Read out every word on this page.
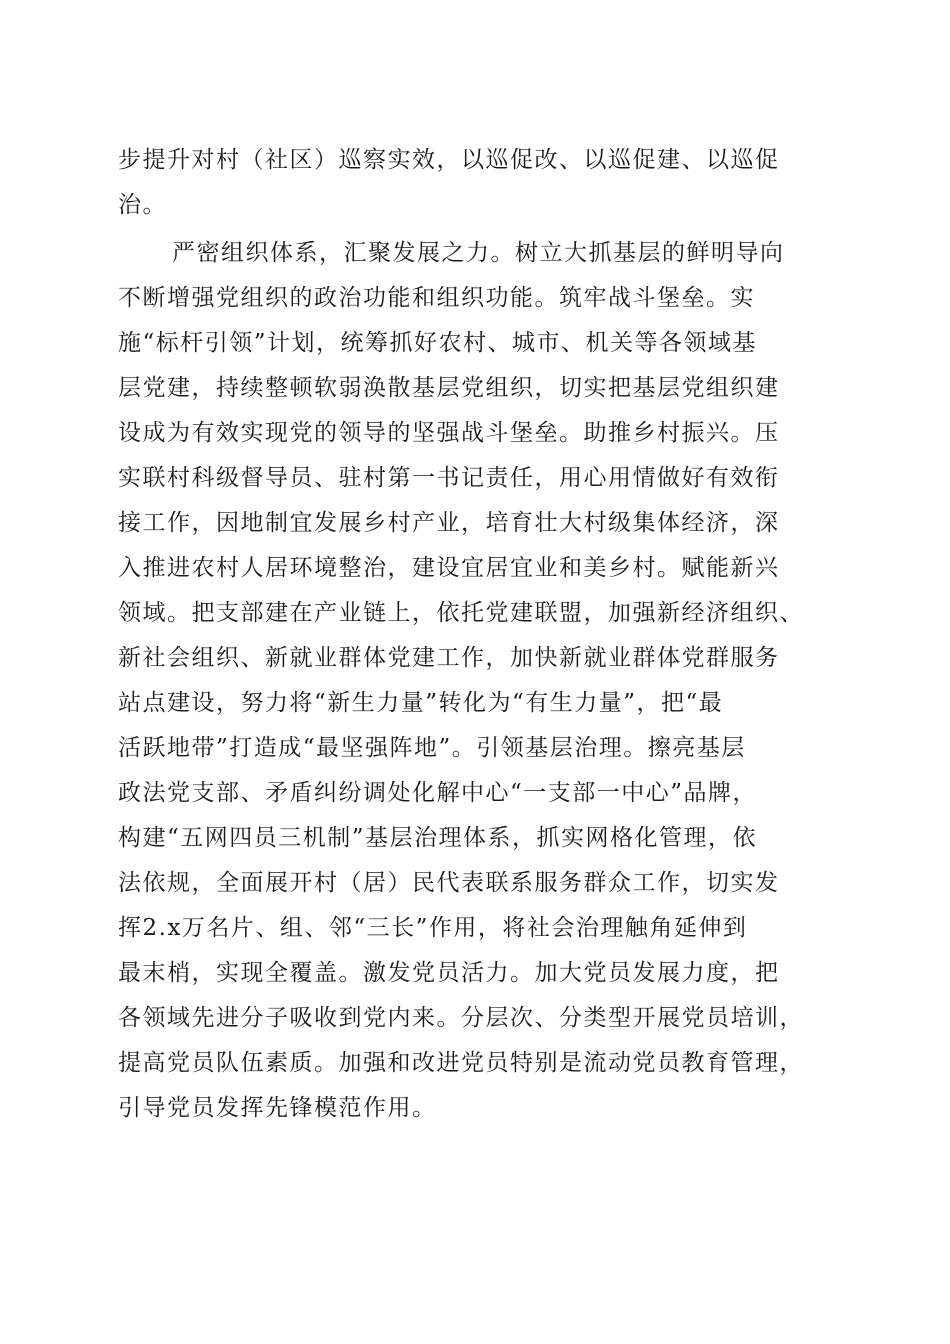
步提升对村（社区）巡察实效，以巡促改、以巡促建、以巡促
治。
严密组织体系，汇聚发展之力。树立大抓基层的鲜明导向
不断增强党组织的政治功能和组织功能。筑牢战斗堡垒。实
施“标杆引领”计划，统筹抓好农村、城市、机关等各领域基
层党建，持续整顿软弱涣散基层党组织，切实把基层党组织建
设成为有效实现党的领导的坚强战斗堡垒。助推乡村振兴。压
实联村科级督导员、驻村第一书记责任，用心用情做好有效衔
接工作，因地制宜发展乡村产业，培育壮大村级集体经济，深
入推进农村人居环境整治，建设宜居宜业和美乡村。赋能新兴
领域。把支部建在产业链上，依托党建联盟，加强新经济组织、
新社会组织、新就业群体党建工作，加快新就业群体党群服务
站点建设，努力将“新生力量”转化为“有生力量”，把“最
活跃地带”打造成“最坚强阵地”。引领基层治理。擦亮基层
政法党支部、矛盾纠纷调处化解中心“一支部一中心”品牌，
构建“五网四员三机制”基层治理体系，抓实网格化管理，依
法依规，全面展开村（居）民代表联系服务群众工作，切实发
挥2.x万名片、组、邻“三长”作用，将社会治理触角延伸到
最末梢，实现全覆盖。激发党员活力。加大党员发展力度，把
各领域先进分子吸收到党内来。分层次、分类型开展党员培训，
提高党员队伍素质。加强和改进党员特别是流动党员教育管理，
引导党员发挥先锋模范作用。
